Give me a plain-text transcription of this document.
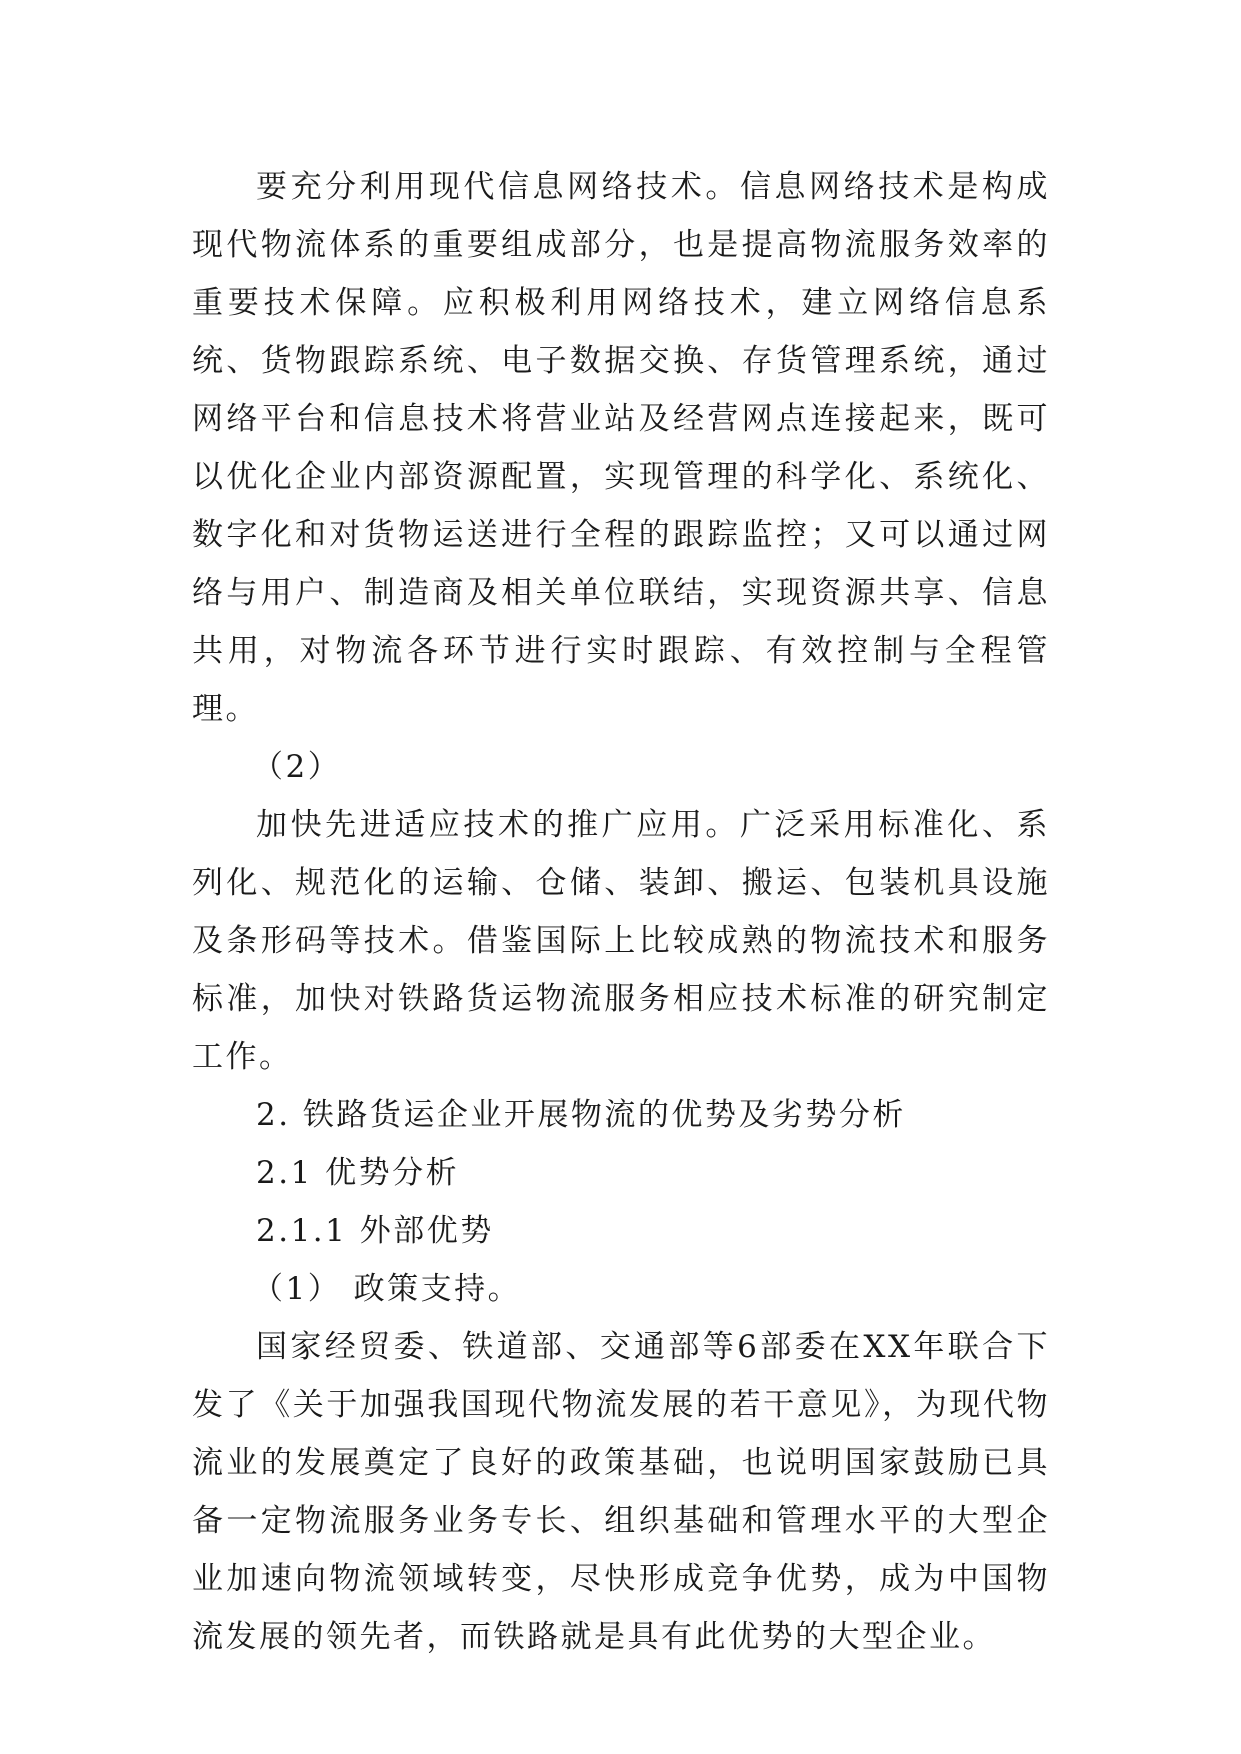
要充分利用现代信息网络技术。信息网络技术是构成现代物流体系的重要组成部分，也是提高物流服务效率的重要技术保障。应积极利用网络技术，建立网络信息系统、货物跟踪系统、电子数据交换、存货管理系统，通过网络平台和信息技术将营业站及经营网点连接起来，既可以优化企业内部资源配置，实现管理的科学化、系统化、数字化和对货物运送进行全程的跟踪监控；又可以通过网络与用户、制造商及相关单位联结，实现资源共享、信息共用，对物流各环节进行实时跟踪、有效控制与全程管理。

（2）

加快先进适应技术的推广应用。广泛采用标准化、系列化、规范化的运输、仓储、装卸、搬运、包装机具设施及条形码等技术。借鉴国际上比较成熟的物流技术和服务标准，加快对铁路货运物流服务相应技术标准的研究制定工作。

2. 铁路货运企业开展物流的优势及劣势分析

2.1 优势分析

2.1.1 外部优势

（1） 政策支持。

国家经贸委、铁道部、交通部等6部委在XX年联合下发了《关于加强我国现代物流发展的若干意见》，为现代物流业的发展奠定了良好的政策基础，也说明国家鼓励已具备一定物流服务业务专长、组织基础和管理水平的大型企业加速向物流领域转变，尽快形成竞争优势，成为中国物流发展的领先者，而铁路就是具有此优势的大型企业。
